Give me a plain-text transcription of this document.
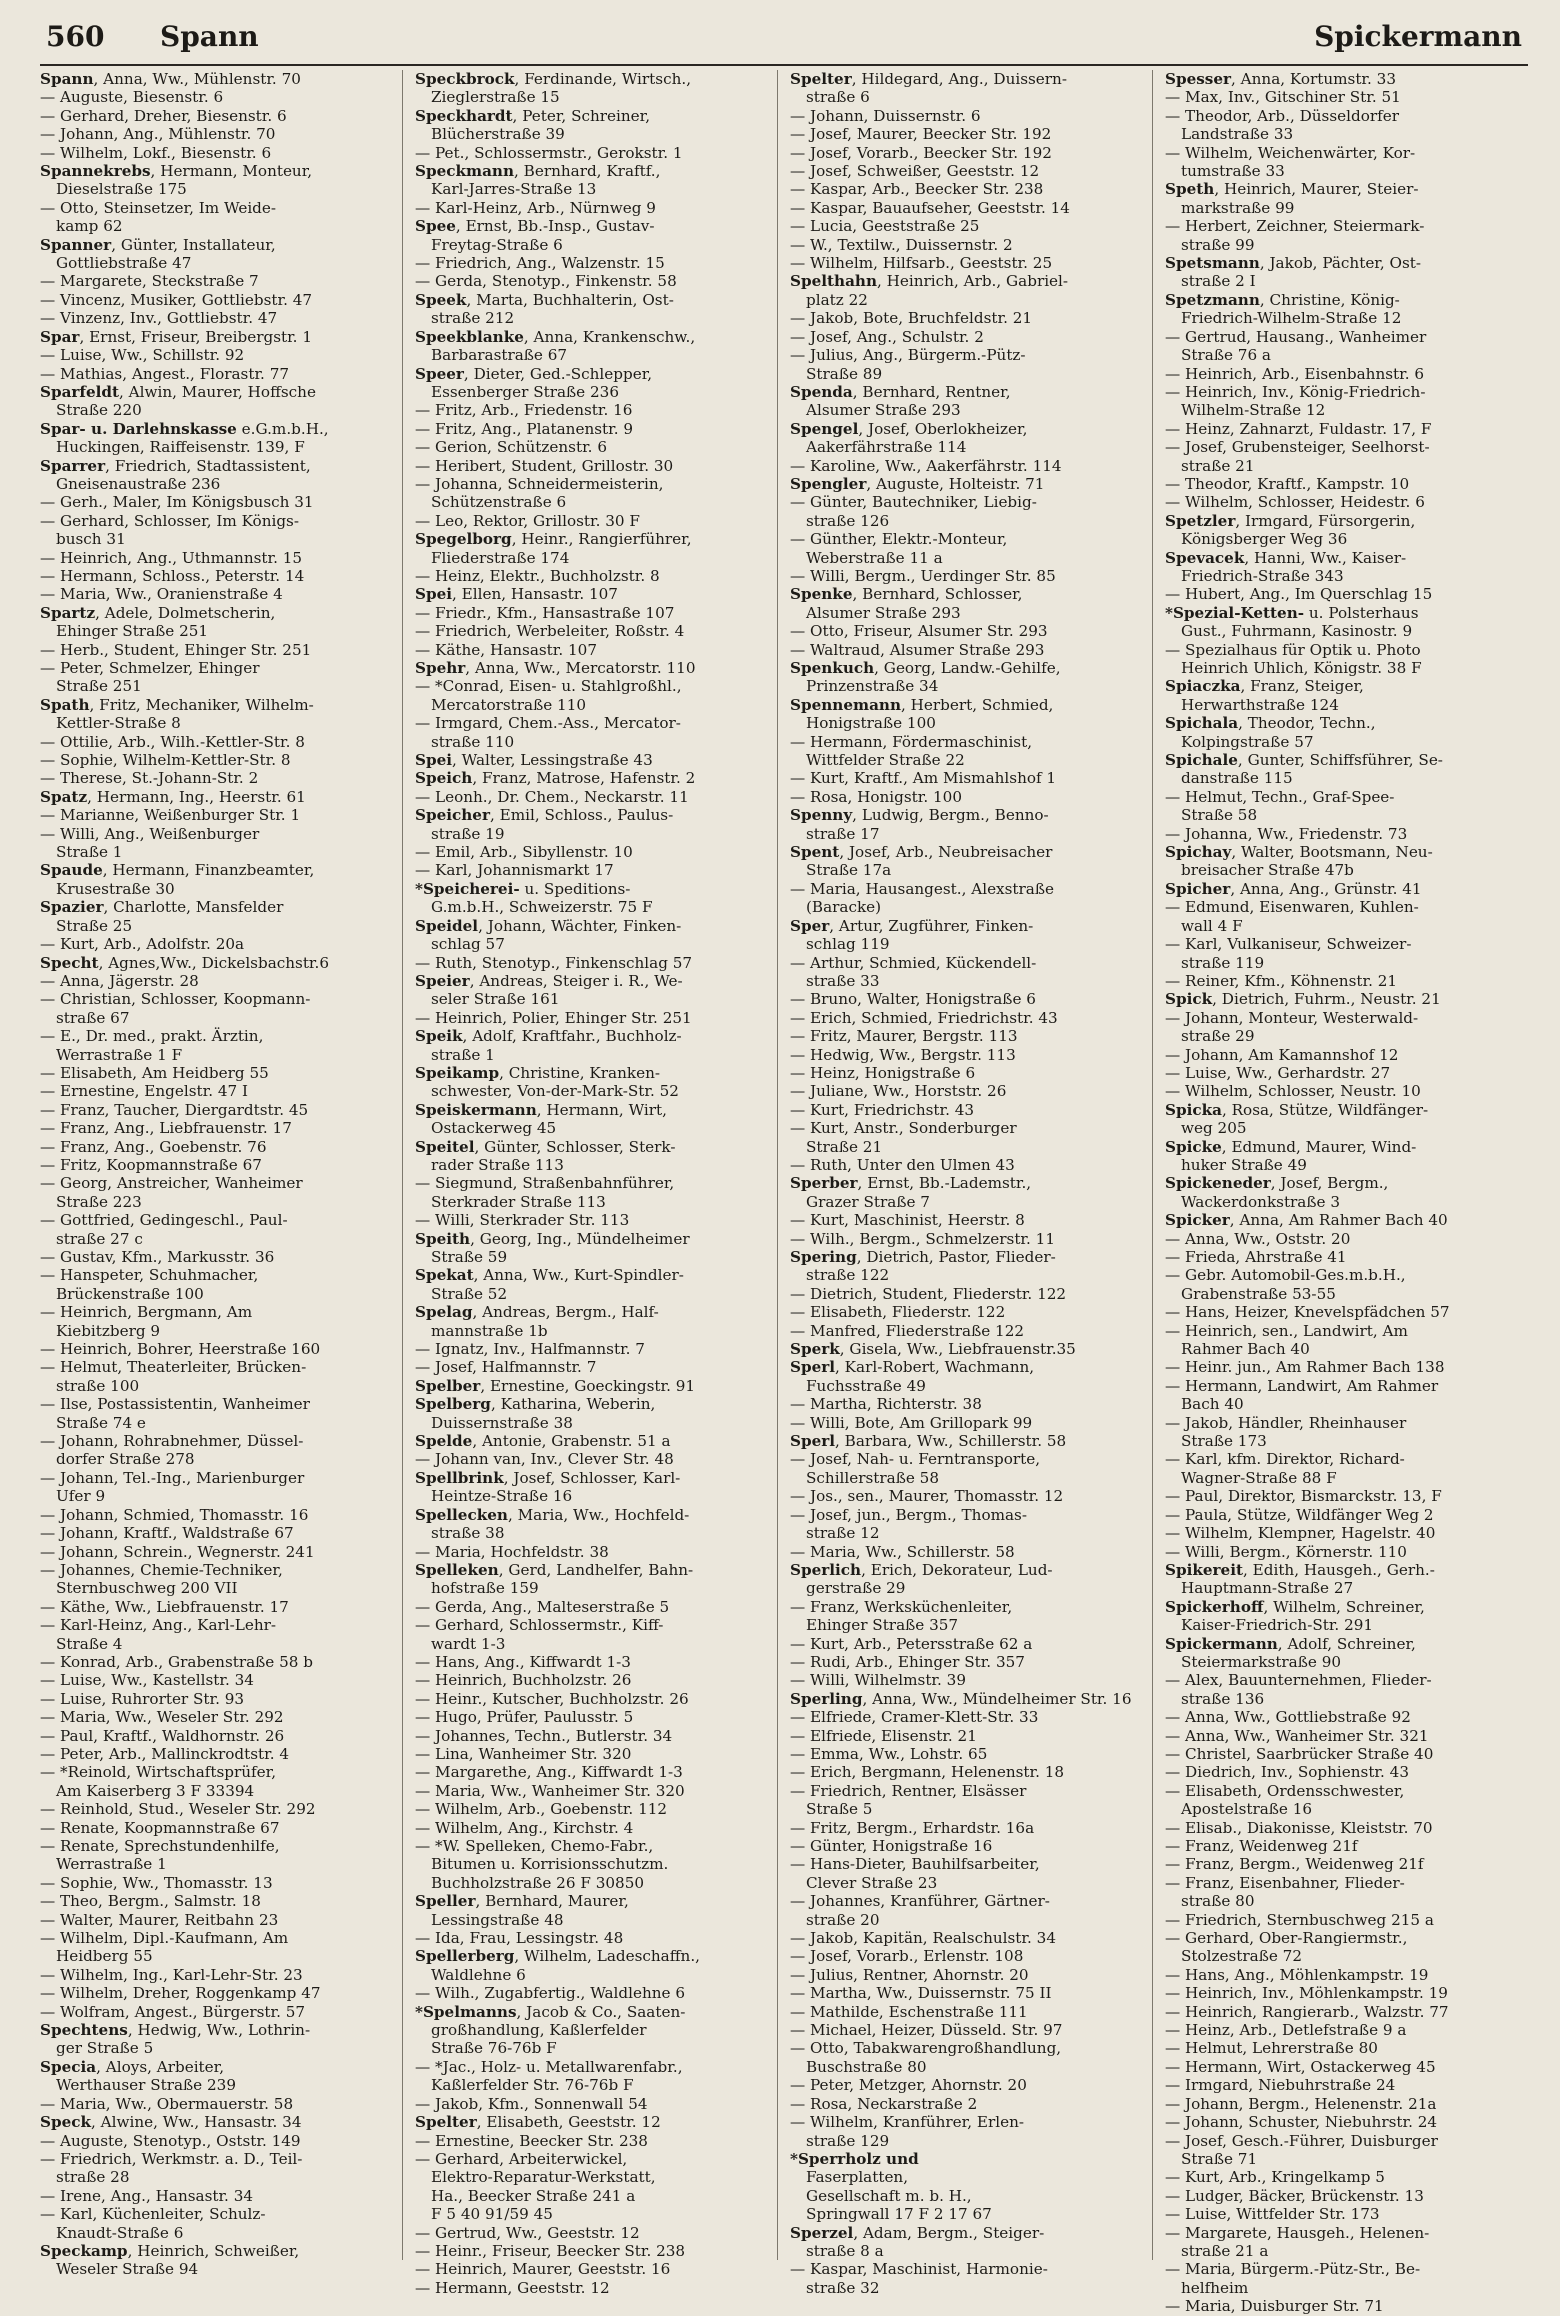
560 Spann	Spickermann

Spann, Anna, Ww., Mühlenstr. 70

— Auguste, Biesenstr. 6

— Gerhard, Dreher, Biesenstr. 6

— Johann, Ang., Mühlenstr. 70

— Wilhelm, Lokf., Biesenstr. 6

Spannekrebs, Hermann, Monteur,
Dieselstraße 175

— Otto, Steinsetzer, Im Weide-
kamp 62

Spanner, Günter, Installateur,
Gottliebstraße 47

— Margarete, Steckstraße 7

— Vincenz, Musiker, Gottliebstr. 47

— Vinzenz, Inv., Gottliebstr. 47

Spar, Ernst, Friseur, Breibergstr. 1

— Luise, Ww., Schillstr. 92

— Mathias, Angest., Florastr. 77

Sparfeldt, Alwin, Maurer, Hoffsche
Straße 220

Spar- u. Darlehnskasse e.G.m.b.H.,
Huckingen, Raiffeisenstr. 139, F

Sparrer, Friedrich, Stadtassistent,
Gneisenaustraße 236

— Gerh., Maler, Im Königsbusch 31

— Gerhard, Schlosser, Im Königs-
busch 31

— Heinrich, Ang., Uthmannstr. 15

— Hermann, Schloss., Peterstr. 14

— Maria, Ww., Oranienstraße 4

Spartz, Adele, Dolmetscherin,
Ehinger Straße 251

— Herb., Student, Ehinger Str. 251

— Peter, Schmelzer, Ehinger
Straße 251

Spath, Fritz, Mechaniker, Wilhelm-
Kettler-Straße 8

— Ottilie, Arb., Wilh.-Kettler-Str. 8

— Sophie, Wilhelm-Kettler-Str. 8

— Therese, St.-Johann-Str. 2

Spatz, Hermann, Ing., Heerstr. 61

— Marianne, Weißenburger Str. 1

— Willi, Ang., Weißenburger
Straße 1

Spaude, Hermann, Finanzbeamter,
Krusestraße 30

Spazier, Charlotte, Mansfelder
Straße 25

— Kurt, Arb., Adolfstr. 20a

Specht, Agnes,Ww., Dickelsbachstr.6

— Anna, Jägerstr. 28

— Christian, Schlosser, Koopmann-
straße 67

— E., Dr. med., prakt. Ärztin,
Werrastraße 1 F

— Elisabeth, Am Heidberg 55

— Ernestine, Engelstr. 47 I

— Franz, Taucher, Diergardtstr. 45

— Franz, Ang., Liebfrauenstr. 17

— Franz, Ang., Goebenstr. 76

— Fritz, Koopmannstraße 67

— Georg, Anstreicher, Wanheimer
Straße 223

— Gottfried, Gedingeschl., Paul-
straße 27 c

— Gustav, Kfm., Markusstr. 36

— Hanspeter, Schuhmacher,
Brückenstraße 100

— Heinrich, Bergmann, Am
Kiebitzberg 9

— Heinrich, Bohrer, Heerstraße 160

— Helmut, Theaterleiter, Brücken-
straße 100

— Ilse, Postassistentin, Wanheimer
Straße 74 e

— Johann, Rohrabnehmer, Düssel-
dorfer Straße 278

— Johann, Tel.-Ing., Marienburger
Ufer 9

— Johann, Schmied, Thomasstr. 16

— Johann, Kraftf., Waldstraße 67

— Johann, Schrein., Wegnerstr. 241

— Johannes, Chemie-Techniker,
Sternbuschweg 200 VII

— Käthe, Ww., Liebfrauenstr. 17

— Karl-Heinz, Ang., Karl-Lehr-
Straße 4

— Konrad, Arb., Grabenstraße 58 b

— Luise, Ww., Kastellstr. 34

— Luise, Ruhrorter Str. 93

— Maria, Ww., Weseler Str. 292

— Paul, Kraftf., Waldhornstr. 26

— Peter, Arb., Mallinckrodtstr. 4

— *Reinold, Wirtschaftsprüfer,
Am Kaiserberg 3 F 33394

— Reinhold, Stud., Weseler Str. 292

— Renate, Koopmannstraße 67

— Renate, Sprechstundenhilfe,
Werrastraße 1

— Sophie, Ww., Thomasstr. 13

— Theo, Bergm., Salmstr. 18

— Walter, Maurer, Reitbahn 23

— Wilhelm, Dipl.-Kaufmann, Am
Heidberg 55

— Wilhelm, Ing., Karl-Lehr-Str. 23

— Wilhelm, Dreher, Roggenkamp 47

— Wolfram, Angest., Bürgerstr. 57

Spechtens, Hedwig, Ww., Lothrin-
ger Straße 5

Specia, Aloys, Arbeiter,
Werthauser Straße 239

— Maria, Ww., Obermauerstr. 58

Speck, Alwine, Ww., Hansastr. 34

— Auguste, Stenotyp., Oststr. 149

— Friedrich, Werkmstr. a. D., Teil-
straße 28

— Irene, Ang., Hansastr. 34

— Karl, Küchenleiter, Schulz-
Knaudt-Straße 6

Speckamp, Heinrich, Schweißer,
Weseler Straße 94

Speckbrock, Ferdinande, Wirtsch.,
Zieglerstraße 15

Speckhardt, Peter, Schreiner,
Blücherstraße 39

— Pet., Schlossermstr., Gerokstr. 1

Speckmann, Bernhard, Kraftf.,
Karl-Jarres-Straße 13

— Karl-Heinz, Arb., Nürnweg 9

Spee, Ernst, Bb.-Insp., Gustav-
Freytag-Straße 6

— Friedrich, Ang., Walzenstr. 15

— Gerda, Stenotyp., Finkenstr. 58

Speek, Marta, Buchhalterin, Ost-
straße 212

Speekblanke, Anna, Krankenschw.,
Barbarastraße 67

Speer, Dieter, Ged.-Schlepper,
Essenberger Straße 236

— Fritz, Arb., Friedenstr. 16

— Fritz, Ang., Platanenstr. 9

— Gerion, Schützenstr. 6

— Heribert, Student, Grillostr. 30

— Johanna, Schneidermeisterin,
Schützenstraße 6

— Leo, Rektor, Grillostr. 30 F

Spegelborg, Heinr., Rangierführer,
Fliederstraße 174

— Heinz, Elektr., Buchholzstr. 8

Spei, Ellen, Hansastr. 107

— Friedr., Kfm., Hansastraße 107

— Friedrich, Werbeleiter, Roßstr. 4

— Käthe, Hansastr. 107

Spehr, Anna, Ww., Mercatorstr. 110

— *Conrad, Eisen- u. Stahlgroßhl.,
Mercatorstraße 110

— Irmgard, Chem.-Ass., Mercator-
straße 110

Spei, Walter, Lessingstraße 43

Speich, Franz, Matrose, Hafenstr. 2

— Leonh., Dr. Chem., Neckarstr. 11

Speicher, Emil, Schloss., Paulus-
straße 19

— Emil, Arb., Sibyllenstr. 10

— Karl, Johannismarkt 17

*Speicherei- u. Speditions-
G.m.b.H., Schweizerstr. 75 F

Speidel, Johann, Wächter, Finken-
schlag 57

— Ruth, Stenotyp., Finkenschlag 57

Speier, Andreas, Steiger i. R., We-
seler Straße 161

— Heinrich, Polier, Ehinger Str. 251

Speik, Adolf, Kraftfahr., Buchholz-
straße 1

Speikamp, Christine, Kranken-
schwester, Von-der-Mark-Str. 52

Speiskermann, Hermann, Wirt,
Ostackerweg 45

Speitel, Günter, Schlosser, Sterk-
rader Straße 113

— Siegmund, Straßenbahnführer,
Sterkrader Straße 113

— Willi, Sterkrader Str. 113

Speith, Georg, Ing., Mündelheimer
Straße 59

Spekat, Anna, Ww., Kurt-Spindler-
Straße 52

Spelag, Andreas, Bergm., Half-
mannstraße 1b

— Ignatz, Inv., Halfmannstr. 7

— Josef, Halfmannstr. 7

Spelber, Ernestine, Goeckingstr. 91

Spelberg, Katharina, Weberin,
Duissernstraße 38

Spelde, Antonie, Grabenstr. 51 a

— Johann van, Inv., Clever Str. 48

Spellbrink, Josef, Schlosser, Karl-
Heintze-Straße 16

Spellecken, Maria, Ww., Hochfeld-
straße 38

— Maria, Hochfeldstr. 38

Spelleken, Gerd, Landhelfer, Bahn-
hofstraße 159

— Gerda, Ang., Malteserstraße 5

— Gerhard, Schlossermstr., Kiff-
wardt 1-3

— Hans, Ang., Kiffwardt 1-3

— Heinrich, Buchholzstr. 26

— Heinr., Kutscher, Buchholzstr. 26

— Hugo, Prüfer, Paulusstr. 5

— Johannes, Techn., Butlerstr. 34

— Lina, Wanheimer Str. 320

— Margarethe, Ang., Kiffwardt 1-3

— Maria, Ww., Wanheimer Str. 320

— Wilhelm, Arb., Goebenstr. 112

— Wilhelm, Ang., Kirchstr. 4

— *W. Spelleken, Chemo-Fabr.,
Bitumen u. Korrisionsschutzm.
Buchholzstraße 26 F 30850

Speller, Bernhard, Maurer,
Lessingstraße 48

— Ida, Frau, Lessingstr. 48

Spellerberg, Wilhelm, Ladeschaffn.,
Waldlehne 6

— Wilh., Zugabfertig., Waldlehne 6

*Spelmanns, Jacob & Co., Saaten-
großhandlung, Kaßlerfelder
Straße 76-76b F

— *Jac., Holz- u. Metallwarenfabr.,
Kaßlerfelder Str. 76-76b F

— Jakob, Kfm., Sonnenwall 54

Spelter, Elisabeth, Geeststr. 12

— Ernestine, Beecker Str. 238

— Gerhard, Arbeiterwickel,
Elektro-Reparatur-Werkstatt,
Ha., Beecker Straße 241 a
F 5 40 91/59 45

— Gertrud, Ww., Geeststr. 12

— Heinr., Friseur, Beecker Str. 238

— Heinrich, Maurer, Geeststr. 16

— Hermann, Geeststr. 12

Spelter, Hildegard, Ang., Duissern-
straße 6

— Johann, Duissernstr. 6

— Josef, Maurer, Beecker Str. 192

— Josef, Vorarb., Beecker Str. 192

— Josef, Schweißer, Geeststr. 12

— Kaspar, Arb., Beecker Str. 238

— Kaspar, Bauaufseher, Geeststr. 14

— Lucia, Geeststraße 25

— W., Textilw., Duissernstr. 2

— Wilhelm, Hilfsarb., Geeststr. 25

Spelthahn, Heinrich, Arb., Gabriel-
platz 22

— Jakob, Bote, Bruchfeldstr. 21

— Josef, Ang., Schulstr. 2

— Julius, Ang., Bürgerm.-Pütz-
Straße 89

Spenda, Bernhard, Rentner,
Alsumer Straße 293

Spengel, Josef, Oberlokheizer,
Aakerfährstraße 114

— Karoline, Ww., Aakerfährstr. 114

Spengler, Auguste, Holteistr. 71

— Günter, Bautechniker, Liebig-
straße 126

— Günther, Elektr.-Monteur,
Weberstraße 11 a

— Willi, Bergm., Uerdinger Str. 85

Spenke, Bernhard, Schlosser,
Alsumer Straße 293

— Otto, Friseur, Alsumer Str. 293

— Waltraud, Alsumer Straße 293

Spenkuch, Georg, Landw.-Gehilfe,
Prinzenstraße 34

Spennemann, Herbert, Schmied,
Honigstraße 100

— Hermann, Fördermaschinist,
Wittfelder Straße 22

— Kurt, Kraftf., Am Mismahlshof 1

— Rosa, Honigstr. 100

Spenny, Ludwig, Bergm., Benno-
straße 17

Spent, Josef, Arb., Neubreisacher
Straße 17a

— Maria, Hausangest., Alexstraße
(Baracke)

Sper, Artur, Zugführer, Finken-
schlag 119

— Arthur, Schmied, Kückendell-
straße 33

— Bruno, Walter, Honigstraße 6

— Erich, Schmied, Friedrichstr. 43

— Fritz, Maurer, Bergstr. 113

— Hedwig, Ww., Bergstr. 113

— Heinz, Honigstraße 6

— Juliane, Ww., Horststr. 26

— Kurt, Friedrichstr. 43

— Kurt, Anstr., Sonderburger
Straße 21

— Ruth, Unter den Ulmen 43

Sperber, Ernst, Bb.-Lademstr.,
Grazer Straße 7

— Kurt, Maschinist, Heerstr. 8

— Wilh., Bergm., Schmelzerstr. 11

Spering, Dietrich, Pastor, Flieder-
straße 122

— Dietrich, Student, Fliederstr. 122

— Elisabeth, Fliederstr. 122

— Manfred, Fliederstraße 122

Sperk, Gisela, Ww., Liebfrauenstr.35

Sperl, Karl-Robert, Wachmann,
Fuchsstraße 49

— Martha, Richterstr. 38

— Willi, Bote, Am Grillopark 99

Sperl, Barbara, Ww., Schillerstr. 58

— Josef, Nah- u. Ferntransporte,
Schillerstraße 58

— Jos., sen., Maurer, Thomasstr. 12

— Josef, jun., Bergm., Thomas-
straße 12

— Maria, Ww., Schillerstr. 58

Sperlich, Erich, Dekorateur, Lud-
gerstraße 29

— Franz, Werksküchenleiter,
Ehinger Straße 357

— Kurt, Arb., Petersstraße 62 a

— Rudi, Arb., Ehinger Str. 357

— Willi, Wilhelmstr. 39

Sperling, Anna, Ww., Mündelheimer Str. 16

— Elfriede, Cramer-Klett-Str. 33

— Elfriede, Elisenstr. 21

— Emma, Ww., Lohstr. 65

— Erich, Bergmann, Helenenstr. 18

— Friedrich, Rentner, Elsässer
Straße 5

— Fritz, Bergm., Erhardstr. 16a

— Günter, Honigstraße 16

— Hans-Dieter, Bauhilfsarbeiter,
Clever Straße 23

— Johannes, Kranführer, Gärtner-
straße 20

— Jakob, Kapitän, Realschulstr. 34

— Josef, Vorarb., Erlenstr. 108

— Julius, Rentner, Ahornstr. 20

— Martha, Ww., Duissernstr. 75 II

— Mathilde, Eschenstraße 111

— Michael, Heizer, Düsseld. Str. 97

— Otto, Tabakwarengroßhandlung,
Buschstraße 80

— Peter, Metzger, Ahornstr. 20

— Rosa, Neckarstraße 2

— Wilhelm, Kranführer, Erlen-
straße 129

*Sperrholz und
Faserplatten,
Gesellschaft m. b. H.,
Springwall 17 F 2 17 67

Sperzel, Adam, Bergm., Steiger-
straße 8 a

— Kaspar, Maschinist, Harmonie-
straße 32

Spesser, Anna, Kortumstr. 33

— Max, Inv., Gitschiner Str. 51

— Theodor, Arb., Düsseldorfer
Landstraße 33

— Wilhelm, Weichenwärter, Kor-
tumstraße 33

Speth, Heinrich, Maurer, Steier-
markstraße 99

— Herbert, Zeichner, Steiermark-
straße 99

Spetsmann, Jakob, Pächter, Ost-
straße 2 I

Spetzmann, Christine, König-
Friedrich-Wilhelm-Straße 12

— Gertrud, Hausang., Wanheimer
Straße 76 a

— Heinrich, Arb., Eisenbahnstr. 6

— Heinrich, Inv., König-Friedrich-
Wilhelm-Straße 12

— Heinz, Zahnarzt, Fuldastr. 17, F

— Josef, Grubensteiger, Seelhorst-
straße 21

— Theodor, Kraftf., Kampstr. 10

— Wilhelm, Schlosser, Heidestr. 6

Spetzler, Irmgard, Fürsorgerin,
Königsberger Weg 36

Spevacek, Hanni, Ww., Kaiser-
Friedrich-Straße 343

— Hubert, Ang., Im Querschlag 15

*Spezial-Ketten- u. Polsterhaus
Gust., Fuhrmann, Kasinostr. 9

— Spezialhaus für Optik u. Photo
Heinrich Uhlich, Königstr. 38 F

Spiaczka, Franz, Steiger,
Herwarthstraße 124

Spichala, Theodor, Techn.,
Kolpingstraße 57

Spichale, Gunter, Schiffsführer, Se-
danstraße 115

— Helmut, Techn., Graf-Spee-
Straße 58

— Johanna, Ww., Friedenstr. 73

Spichay, Walter, Bootsmann, Neu-
breisacher Straße 47b

Spicher, Anna, Ang., Grünstr. 41

— Edmund, Eisenwaren, Kuhlen-
wall 4 F

— Karl, Vulkaniseur, Schweizer-
straße 119

— Reiner, Kfm., Köhnenstr. 21

Spick, Dietrich, Fuhrm., Neustr. 21

— Johann, Monteur, Westerwald-
straße 29

— Johann, Am Kamannshof 12

— Luise, Ww., Gerhardstr. 27

— Wilhelm, Schlosser, Neustr. 10

Spicka, Rosa, Stütze, Wildfänger-
weg 205

Spicke, Edmund, Maurer, Wind-
huker Straße 49

Spickeneder, Josef, Bergm.,
Wackerdonkstraße 3

Spicker, Anna, Am Rahmer Bach 40

— Anna, Ww., Oststr. 20

— Frieda, Ahrstraße 41

— Gebr. Automobil-Ges.m.b.H.,
Grabenstraße 53-55

— Hans, Heizer, Knevelspfädchen 57

— Heinrich, sen., Landwirt, Am
Rahmer Bach 40

— Heinr. jun., Am Rahmer Bach 138

— Hermann, Landwirt, Am Rahmer
Bach 40

— Jakob, Händler, Rheinhauser
Straße 173

— Karl, kfm. Direktor, Richard-
Wagner-Straße 88 F

— Paul, Direktor, Bismarckstr. 13, F

— Paula, Stütze, Wildfänger Weg 2

— Wilhelm, Klempner, Hagelstr. 40

— Willi, Bergm., Körnerstr. 110

Spikereit, Edith, Hausgeh., Gerh.-
Hauptmann-Straße 27

Spickerhoff, Wilhelm, Schreiner,
Kaiser-Friedrich-Str. 291

Spickermann, Adolf, Schreiner,
Steiermarkstraße 90

— Alex, Bauunternehmen, Flieder-
straße 136

— Anna, Ww., Gottliebstraße 92

— Anna, Ww., Wanheimer Str. 321

— Christel, Saarbrücker Straße 40

— Diedrich, Inv., Sophienstr. 43

— Elisabeth, Ordensschwester,
Apostelstraße 16

— Elisab., Diakonisse, Kleiststr. 70

— Franz, Weidenweg 21f

— Franz, Bergm., Weidenweg 21f

— Franz, Eisenbahner, Flieder-
straße 80

— Friedrich, Sternbuschweg 215 a

— Gerhard, Ober-Rangiermstr.,
Stolzestraße 72

— Hans, Ang., Möhlenkampstr. 19

— Heinrich, Inv., Möhlenkampstr. 19

— Heinrich, Rangierarb., Walzstr. 77

— Heinz, Arb., Detlefstraße 9 a

— Helmut, Lehrerstraße 80

— Hermann, Wirt, Ostackerweg 45

— Irmgard, Niebuhrstraße 24

— Johann, Bergm., Helenenstr. 21a

— Johann, Schuster, Niebuhrstr. 24

— Josef, Gesch.-Führer, Duisburger
Straße 71

— Kurt, Arb., Kringelkamp 5

— Ludger, Bäcker, Brückenstr. 13

— Luise, Wittfelder Str. 173

— Margarete, Hausgeh., Helenen-
straße 21 a

— Maria, Bürgerm.-Pütz-Str., Be-
helfheim

— Maria, Duisburger Str. 71
